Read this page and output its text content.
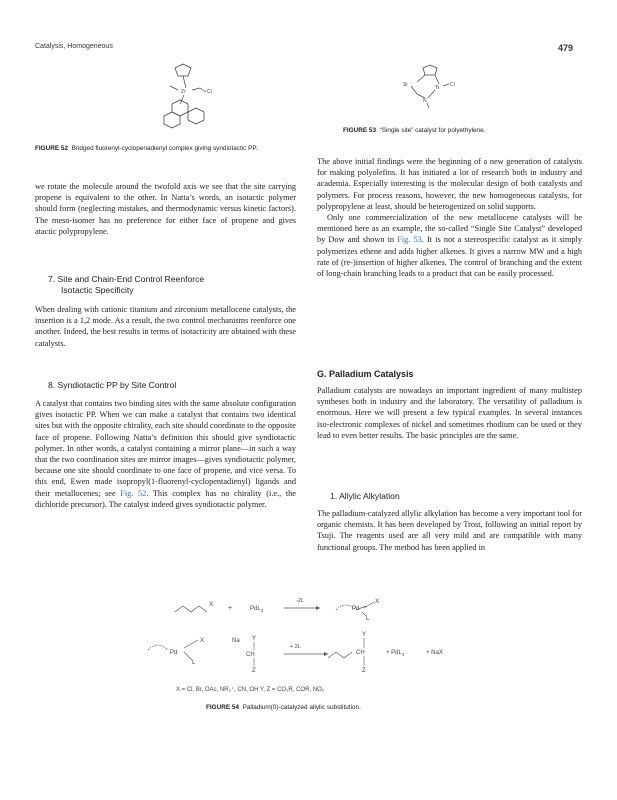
Catalysis, Homogeneous	479
Zr	Cl
FIGURE 52 Bridged fluorenyl-cyclopenadienyl complex giving syndiotactic PP.
Si	Ti Cl
N
FIGURE 53 “Single site” catalyst for polyethylene.

we rotate the molecule around the twofold axis we see that the site carrying propene is equivalent to the other. In Natta’s words, an isotactic polymer should form (neglecting mistakes, and thermodynamic versus kinetic factors). The meso-isomer has no preference for either face of propene and gives atactic polypropylene.

7. Site and Chain-End Control Reenforce
Isotactic Specificity

When dealing with cationic titanium and zirconium metallocene catalysts, the insertion is a 1,2 mode. As a result, the two control mechanisms reenforce one another. Indeed, the best results in terms of isotacticity are obtained with these catalysts.

8. Syndiotactic PP by Site Control

A catalyst that contains two binding sites with the same absolute configuration gives isotactic PP. When we can make a catalyst that contains two identical sites but with the opposite chirality, each site should coordinate to the opposite face of propene. Following Natta’s definition this should give syndiotactic polymer. In other words, a catalyst containing a mirror plane—in such a way that the two coordination sites are mirror images—gives syndiotactic polymer, because one site should coordinate to one face of propene, and vice versa. To this end, Ewen made isopropyl(1-fluorenyl-cyclopentadienyl) ligands and their metallocenes; see Fig. 52. This complex has no chirality (i.e., the dichloride precursor). The catalyst indeed gives syndiotactic polymer.

The above initial findings were the beginning of a new generation of catalysts for making polyolefins. It has initiated a lot of research both in industry and academia. Especially interesting is the molecular design of both catalysts and polymers. For process reasons, however, the new homogeneous catalysts, for polypropylene at least, should be heterogenized on solid supports.

Only one commercialization of the new metallocene catalysts will be mentioned here as an example, the so-called “Single Site Catalyst” developed by Dow and shown in Fig. 53. It is not a stereospecific catalyst as it simply polymerizes ethene and adds higher alkenes. It gives a narrow MW and a high rate of (re-)insertion of higher alkenes. The control of branching and the extent of long-chain branching leads to a product that can be easily processed.

G. Palladium Catalysis

Palladium catalysts are nowadays an important ingredient of many multistep syntheses both in industry and the laboratory. The versatility of palladium is enormous. Here we will present a few typical examples. In several instances iso-electronic complexes of nickel and sometimes rhodium can be used or they lead to even better results. The basic principles are the same.

1. Allylic Alkylation

The palladium-catalyzed allylic alkylation has become a very important tool for organic chemists. It has been developed by Trost, following an initial report by Tsuji. The reagents used are all very mild and are compatible with many functional groups. The method has been applied in

X
+	PdL$_4$
-2L
Pd
X
L
Pd
X
L
Na Y
CH
Z
+ 2L
Y
CH
Z
+ PdL$_4$	+ NaX
X = Cl, Br, OAc, NR₃⁺, CN, OH Y, Z = CO₂R, COR, NO₂
FIGURE 54 Palladium(0)-catalyzed allylic substitution.
